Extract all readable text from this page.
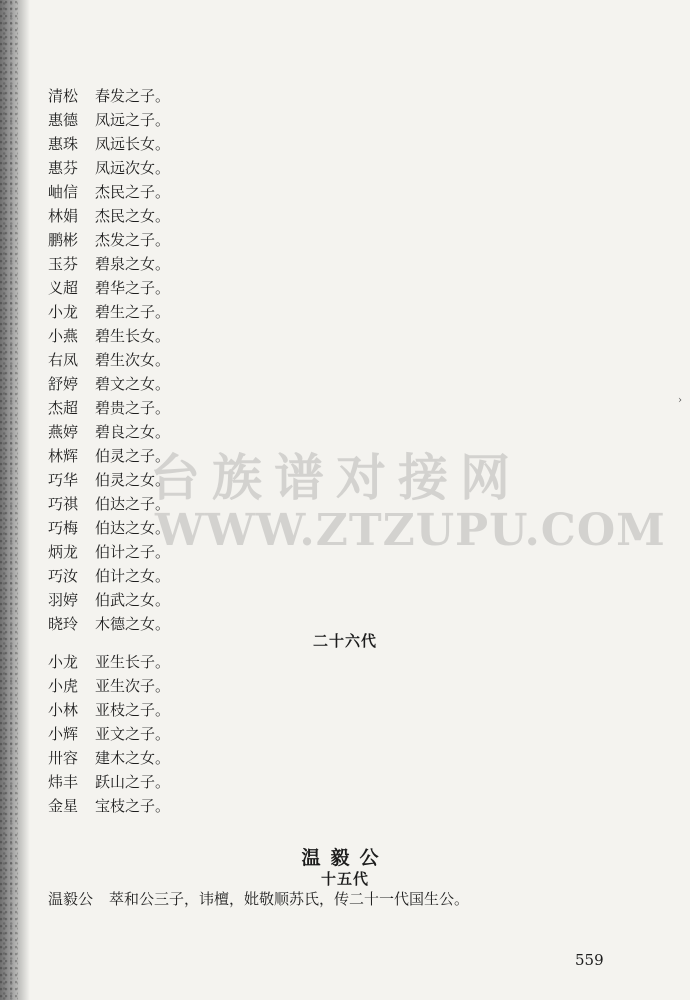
›
台族谱对接网
WWW.ZTZUPU.COM
清松 春发之子。
惠德 凤远之子。
惠珠 凤远长女。
惠芬 凤远次女。
岫信 杰民之子。
林娟 杰民之女。
鹏彬 杰发之子。
玉芬 碧泉之女。
义超 碧华之子。
小龙 碧生之子。
小燕 碧生长女。
右凤 碧生次女。
舒婷 碧文之女。
杰超 碧贵之子。
燕婷 碧良之女。
林辉 伯灵之子。
巧华 伯灵之女。
巧祺 伯达之子。
巧梅 伯达之女。
炳龙 伯计之子。
巧汝 伯计之女。
羽婷 伯武之女。
晓玲 木德之女。
二十六代
小龙 亚生长子。
小虎 亚生次子。
小林 亚枝之子。
小辉 亚文之子。
卅容 建木之女。
炜丰 跃山之子。
金星 宝枝之子。
温毅公
十五代
温毅公 萃和公三子，讳檀，妣敬顺苏氏，传二十一代国生公。
559
